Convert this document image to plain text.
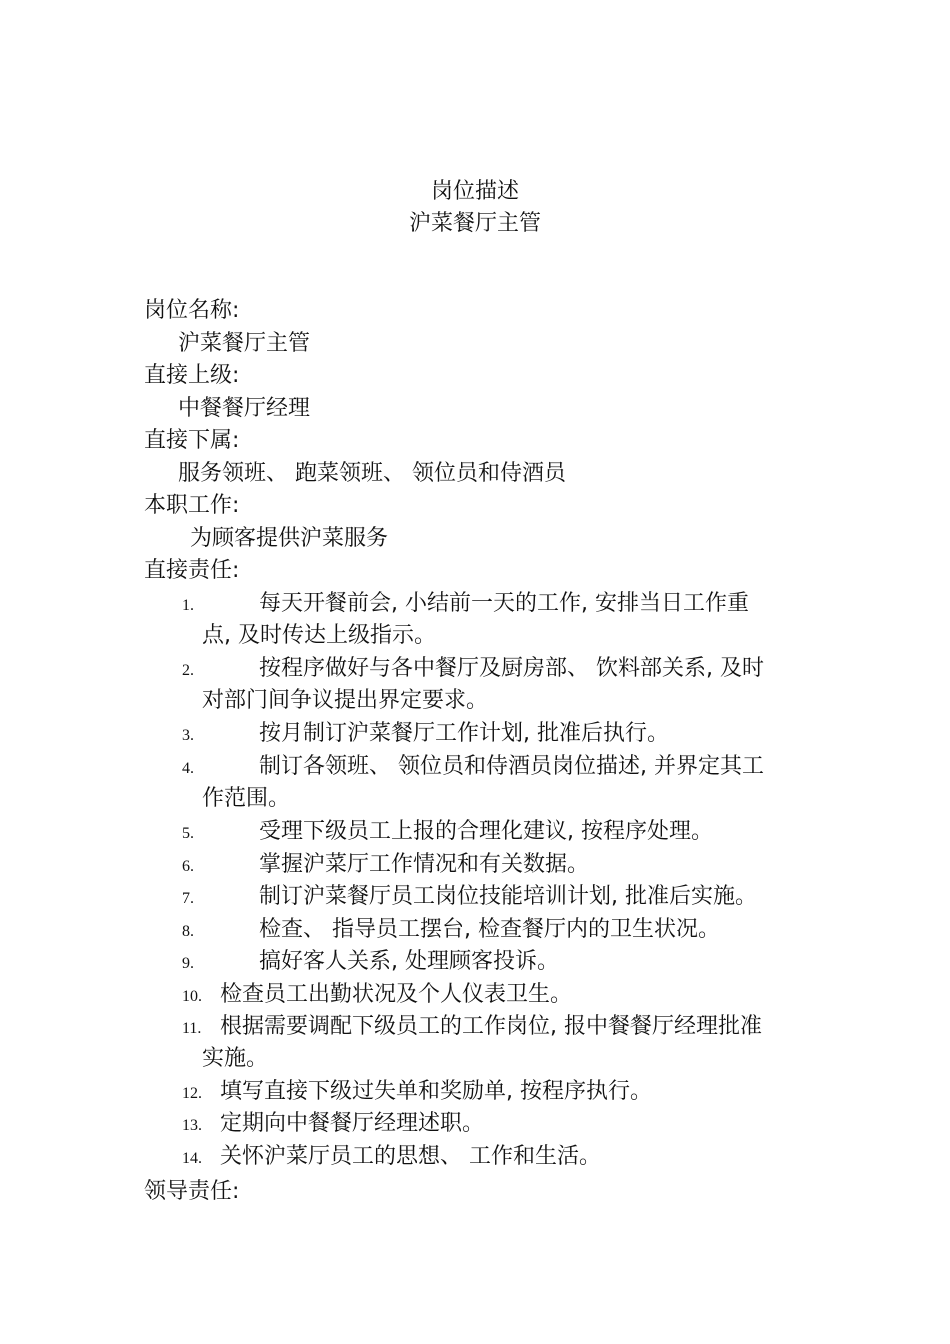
岗位描述
沪菜餐厅主管
岗位名称:
沪菜餐厅主管
直接上级:
中餐餐厅经理
直接下属:
服务领班、 跑菜领班、 领位员和侍酒员
本职工作:
为顾客提供沪菜服务
直接责任:
1.	每天开餐前会, 小结前一天的工作, 安排当日工作重
点, 及时传达上级指示。
2.	按程序做好与各中餐厅及厨房部、 饮料部关系, 及时
对部门间争议提出界定要求。
3.	按月制订沪菜餐厅工作计划, 批准后执行。
4.	制订各领班、 领位员和侍酒员岗位描述, 并界定其工
作范围。
5.	受理下级员工上报的合理化建议, 按程序处理。
6.	掌握沪菜厅工作情况和有关数据。
7.	制订沪菜餐厅员工岗位技能培训计划, 批准后实施。
8.	检查、 指导员工摆台, 检查餐厅内的卫生状况。
9.	搞好客人关系, 处理顾客投诉。
10. 检查员工出勤状况及个人仪表卫生。
11. 根据需要调配下级员工的工作岗位, 报中餐餐厅经理批准
实施。
12. 填写直接下级过失单和奖励单, 按程序执行。
13. 定期向中餐餐厅经理述职。
14. 关怀沪菜厅员工的思想、 工作和生活。
领导责任:
